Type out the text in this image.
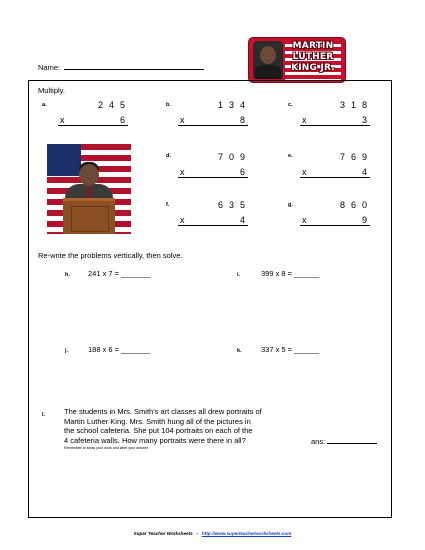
Name:
MARTIN
LUTHER
KING JR.
Multiply.
a.	2 4 5
x	6
b.	1 3 4
x	8
c.	3 1 8
x	3
d.	7 0 9
x	6
e.	7 6 9
x	4
f.	6 3 5
x	4
g.	8 6 0
x	9
Re-write the problems vertically, then solve.
h. 241 x 7 = _______	i.	399 x 8 = ______
j.	188 x 6 = _______	k.	337 x 5 = ______
l.	The students in Mrs. Smith's art classes all drew portraits of
Martin Luther King. Mrs. Smith hung all of the pictures in
the school cafeteria. She put 104 portraits on each of the
4 cafeteria walls. How many portraits were there in all?
Remember to show your work and label your answer.
ans:
Super Teacher Worksheets - http://www.superteacherworksheets.com
